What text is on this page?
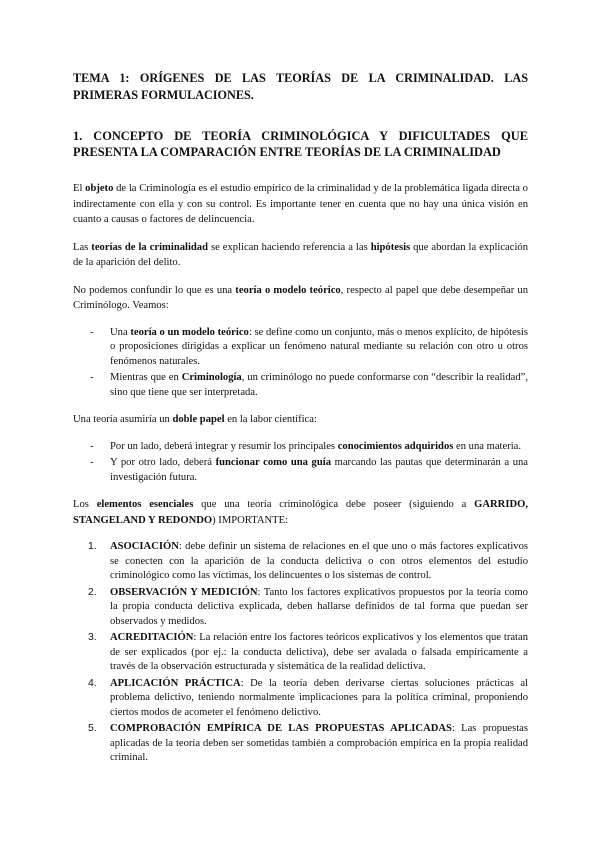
TEMA 1: ORÍGENES DE LAS TEORÍAS DE LA CRIMINALIDAD. LAS PRIMERAS FORMULACIONES.
1. CONCEPTO DE TEORÍA CRIMINOLÓGICA Y DIFICULTADES QUE PRESENTA LA COMPARACIÓN ENTRE TEORÍAS DE LA CRIMINALIDAD

El objeto de la Criminología es el estudio empírico de la criminalidad y de la problemática ligada directa o indirectamente con ella y con su control. Es importante tener en cuenta que no hay una única visión en cuanto a causas o factores de delincuencia.

Las teorías de la criminalidad se explican haciendo referencia a las hipótesis que abordan la explicación de la aparición del delito.

No podemos confundir lo que es una teoría o modelo teórico, respecto al papel que debe desempeñar un Criminólogo. Veamos:

- Una teoría o un modelo teórico: se define como un conjunto, más o menos explícito, de hipótesis o proposiciones dirigidas a explicar un fenómeno natural mediante su relación con otro u otros fenómenos naturales.
- Mientras que en Criminología, un criminólogo no puede conformarse con “describir la realidad”, sino que tiene que ser interpretada.

Una teoría asumiría un doble papel en la labor científica:

- Por un lado, deberá integrar y resumir los principales conocimientos adquiridos en una materia.
- Y por otro lado, deberá funcionar como una guía marcando las pautas que determinarán a una investigación futura.

Los elementos esenciales que una teoría criminológica debe poseer (siguiendo a GARRIDO, STANGELAND Y REDONDO) IMPORTANTE:

1. ASOCIACIÓN: debe definir un sistema de relaciones en el que uno o más factores explicativos se conecten con la aparición de la conducta delictiva o con otros elementos del estudio criminológico como las víctimas, los delincuentes o los sistemas de control.
2. OBSERVACIÓN Y MEDICIÓN: Tanto los factores explicativos propuestos por la teoría como la propia conducta delictiva explicada, deben hallarse definidos de tal forma que puedan ser observados y medidos.
3. ACREDITACIÓN: La relación entre los factores teóricos explicativos y los elementos que tratan de ser explicados (por ej.: la conducta delictiva), debe ser avalada o falsada empíricamente a través de la observación estructurada y sistemática de la realidad delictiva.
4. APLICACIÓN PRÁCTICA: De la teoría deben derivarse ciertas soluciones prácticas al problema delictivo, teniendo normalmente implicaciones para la política criminal, proponiendo ciertos modos de acometer el fenómeno delictivo.
5. COMPROBACIÓN EMPÍRICA DE LAS PROPUESTAS APLICADAS: Las propuestas aplicadas de la teoría deben ser sometidas también a comprobación empírica en la propia realidad criminal.
